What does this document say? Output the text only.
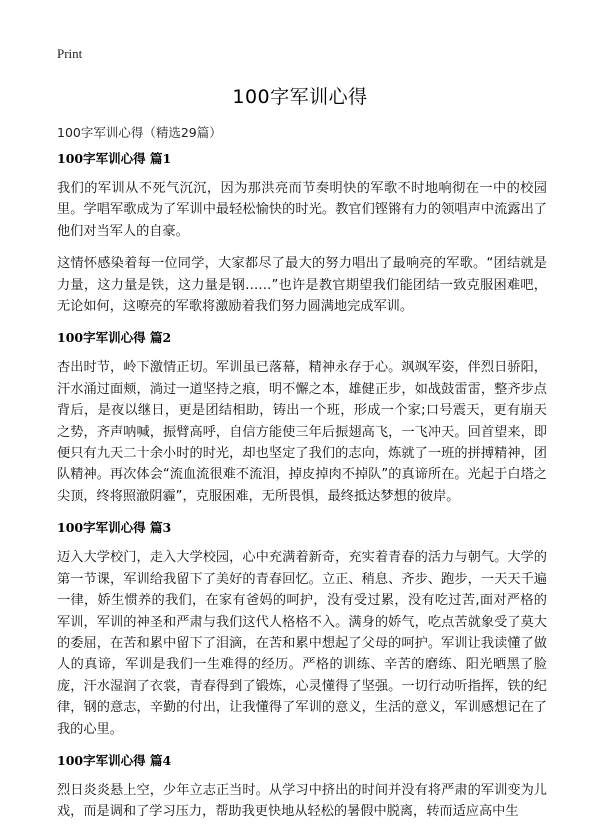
Print
100字军训心得
100字军训心得（精选29篇）
100字军训心得 篇1

我们的军训从不死气沉沉，因为那洪亮而节奏明快的军歌不时地响彻在一中的校园里。学唱军歌成为了军训中最轻松愉快的时光。教官们铿锵有力的领唱声中流露出了他们对当军人的自豪。

这情怀感染着每一位同学，大家都尽了最大的努力唱出了最响亮的军歌。“团结就是力量，这力量是铁，这力量是钢……”也许是教官期望我们能团结一致克服困难吧，无论如何，这嘹亮的军歌将激励着我们努力圆满地完成军训。

100字军训心得 篇2

杏出时节，岭下激情正切。军训虽已落幕，精神永存于心。飒飒军姿，伴烈日骄阳，汗水涌过面颊，淌过一道坚持之痕，明不懈之本，雄健正步，如战鼓雷雷，整齐步点背后，是夜以继日，更是团结相助，铸出一个班，形成一个家;口号震天，更有崩天之势，齐声呐喊，振臂高呼，自信方能使三年后振翅高飞，一飞冲天。回首望来，即便只有九天二十余小时的时光，却也坚定了我们的志向，炼就了一班的拼搏精神，团队精神。再次体会“流血流很难不流泪，掉皮掉肉不掉队”的真谛所在。光起于白塔之尖顶，终将照澈阴霾”，克服困难，无所畏惧，最终抵达梦想的彼岸。

100字军训心得 篇3

迈入大学校门，走入大学校园，心中充满着新奇，充实着青春的活力与朝气。大学的第一节课，军训给我留下了美好的青春回忆。立正、稍息、齐步、跑步，一天天千遍一律，娇生惯养的我们，在家有爸妈的呵护，没有受过累，没有吃过苦,面对严格的军训，军训的神圣和严肃与我们这代人格格不入。满身的娇气，吃点苦就象受了莫大的委屈，在苦和累中留下了泪滴，在苦和累中想起了父母的呵护。军训让我读懂了做人的真谛，军训是我们一生难得的经历。严格的训练、辛苦的磨练、阳光晒黑了脸庞，汗水湿润了衣裳，青春得到了锻炼，心灵懂得了坚强。一切行动听指挥，铁的纪律，钢的意志，辛勤的付出，让我懂得了军训的意义，生活的意义，军训感想记在了我的心里。

100字军训心得 篇4

烈日炎炎悬上空，少年立志正当时。从学习中挤出的时间并没有将严肃的军训变为儿戏，而是调和了学习压力，帮助我更快地从轻松的暑假中脱离，转而适应高中生
